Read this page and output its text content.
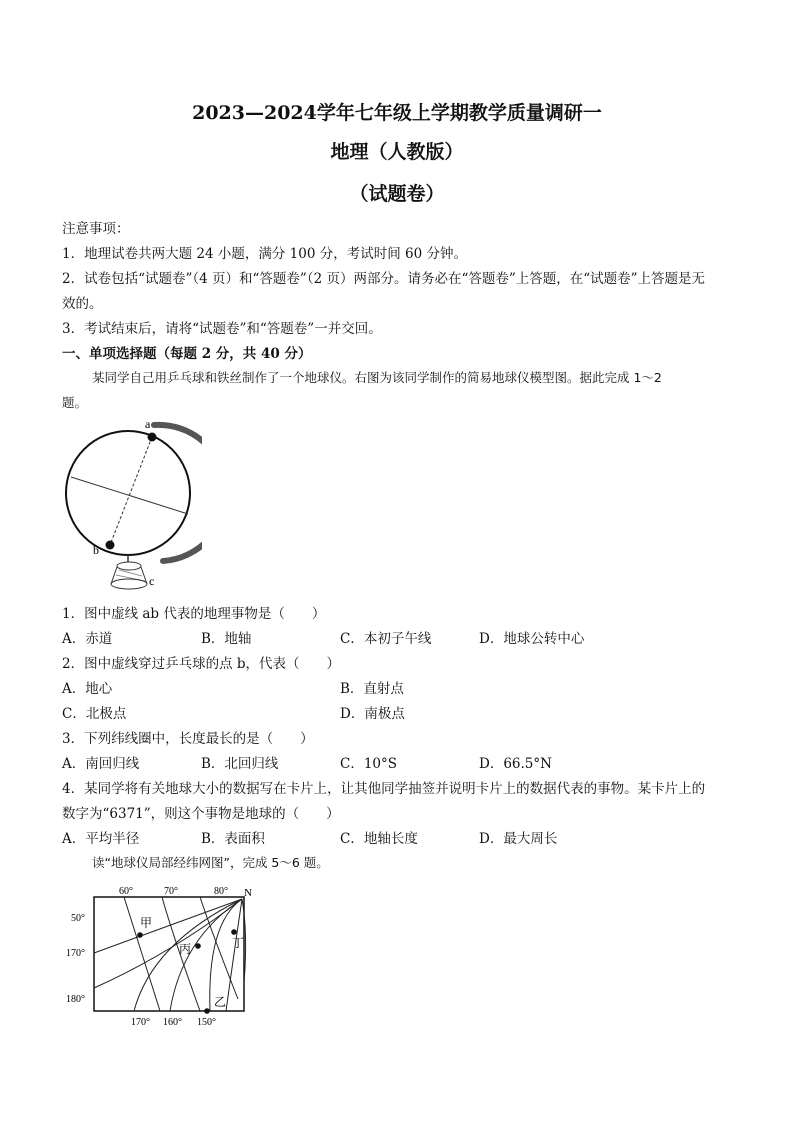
2023—2024学年七年级上学期教学质量调研一
地理（人教版）
（试题卷）
注意事项：
1．地理试卷共两大题 24 小题，满分 100 分，考试时间 60 分钟。
2．试卷包括“试题卷”（4 页）和“答题卷”（2 页）两部分。请务必在“答题卷”上答题，在“试题卷”上答题是无
效的。
3．考试结束后，请将“试题卷”和“答题卷”一并交回。
一、单项选择题（每题 2 分，共 40 分）
某同学自己用乒乓球和铁丝制作了一个地球仪。右图为该同学制作的简易地球仪模型图。据此完成 1～2
题。
a
b
c
1．图中虚线 ab 代表的地理事物是（　　）
A．赤道	B．地轴	C．本初子午线	D．地球公转中心
2．图中虚线穿过乒乓球的点 b，代表（　　）
A．地心	B．直射点
C．北极点	D．南极点
3．下列纬线圈中，长度最长的是（　　）
A．南回归线	B．北回归线	C．10°S	D．66.5°N
4．某同学将有关地球大小的数据写在卡片上，让其他同学抽签并说明卡片上的数据代表的事物。某卡片上的
数字为“6371”，则这个事物是地球的（　　）
A．平均半径	B．表面积	C．地轴长度	D．最大周长
读“地球仪局部经纬网图”，完成 5～6 题。
60°	70°	80° N
50°
170°
180°
170° 160° 150°
甲
丙	丁
乙
